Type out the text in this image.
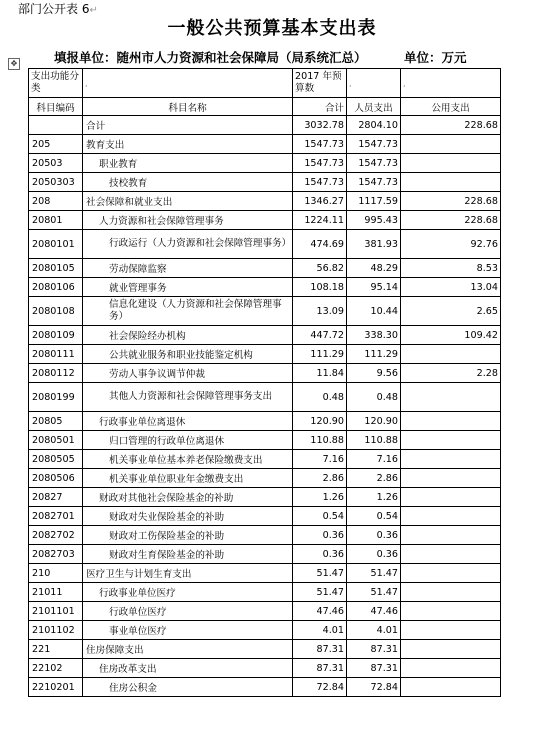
部门公开表 6↵
一般公共预算基本支出表
✥	填报单位：随州市人力资源和社会保障局（局系统汇总）	单位：万元
支出功能分类	,	2017 年预算数	,	,
科目编码	科目名称	合计	人员支出	公用支出
	合计	3032.78	2804.10	228.68
205	教育支出	1547.73	1547.73	
20503	职业教育	1547.73	1547.73	
2050303	技校教育	1547.73	1547.73	
208	社会保障和就业支出	1346.27	1117.59	228.68
20801	人力资源和社会保障管理事务	1224.11	995.43	228.68
2080101	行政运行（人力资源和社会保障管理事务）	474.69	381.93	92.76
2080105	劳动保障监察	56.82	48.29	8.53
2080106	就业管理事务	108.18	95.14	13.04
2080108	信息化建设（人力资源和社会保障管理事务）	13.09	10.44	2.65
2080109	社会保险经办机构	447.72	338.30	109.42
2080111	公共就业服务和职业技能鉴定机构	111.29	111.29	
2080112	劳动人事争议调节仲裁	11.84	9.56	2.28
2080199	其他人力资源和社会保障管理事务支出	0.48	0.48	
20805	行政事业单位离退休	120.90	120.90	
2080501	归口管理的行政单位离退休	110.88	110.88	
2080505	机关事业单位基本养老保险缴费支出	7.16	7.16	
2080506	机关事业单位职业年金缴费支出	2.86	2.86	
20827	财政对其他社会保险基金的补助	1.26	1.26	
2082701	财政对失业保险基金的补助	0.54	0.54	
2082702	财政对工伤保险基金的补助	0.36	0.36	
2082703	财政对生育保险基金的补助	0.36	0.36	
210	医疗卫生与计划生育支出	51.47	51.47	
21011	行政事业单位医疗	51.47	51.47	
2101101	行政单位医疗	47.46	47.46	
2101102	事业单位医疗	4.01	4.01	
221	住房保障支出	87.31	87.31	
22102	住房改革支出	87.31	87.31	
2210201	住房公积金	72.84	72.84	
